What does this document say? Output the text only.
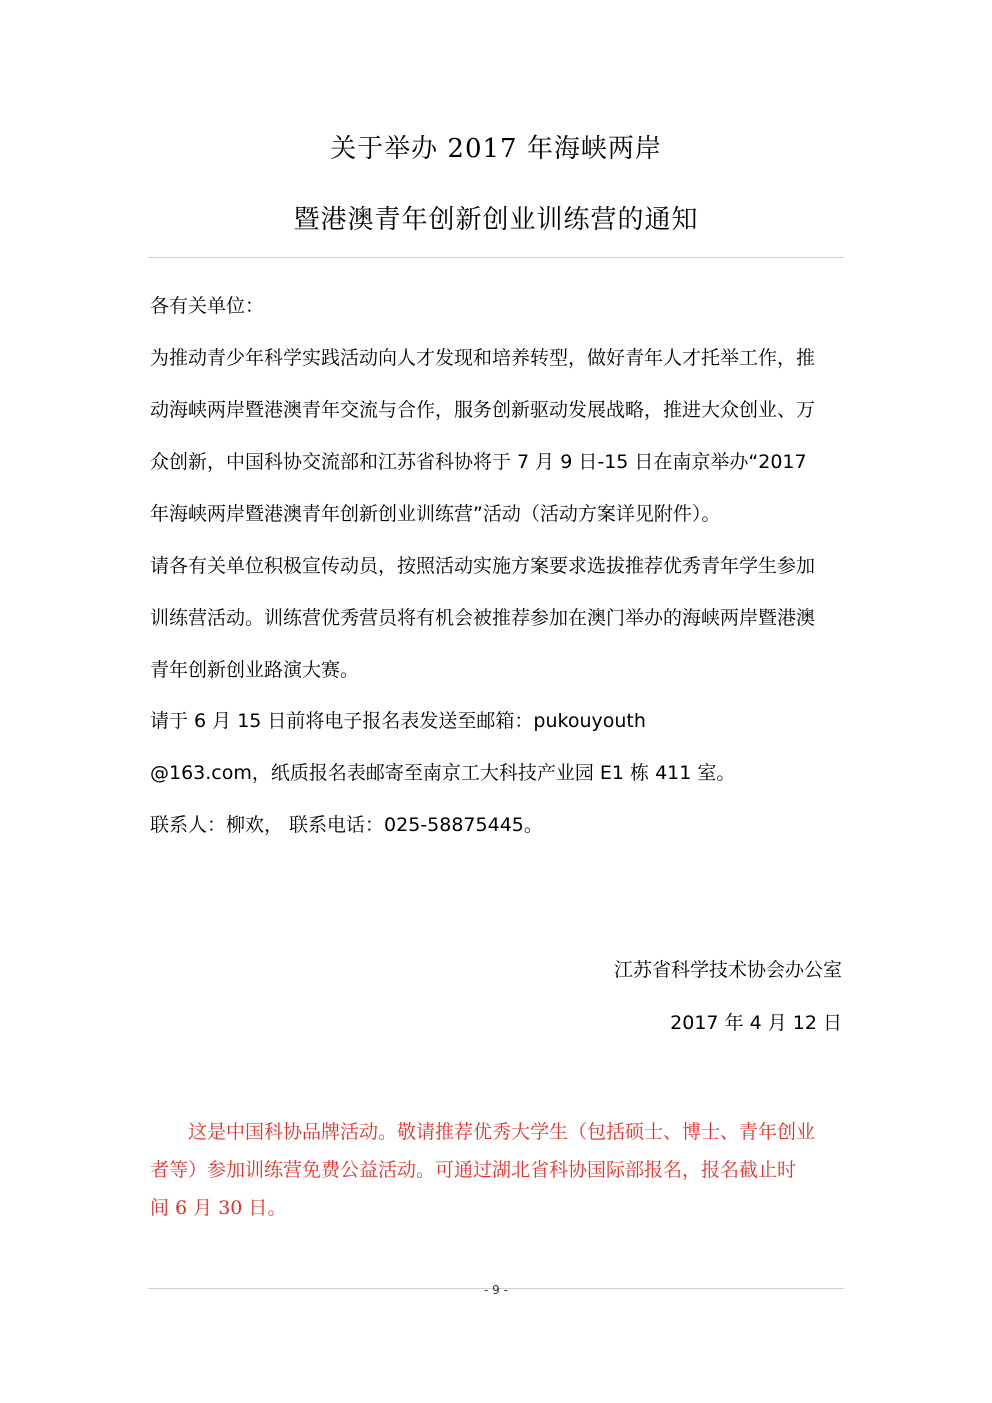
关于举办 2017 年海峡两岸
暨港澳青年创新创业训练营的通知
各有关单位：
为推动青少年科学实践活动向人才发现和培养转型，做好青年人才托举工作，推
动海峡两岸暨港澳青年交流与合作，服务创新驱动发展战略，推进大众创业、万
众创新，中国科协交流部和江苏省科协将于 7 月 9 日-15 日在南京举办“2017
年海峡两岸暨港澳青年创新创业训练营”活动（活动方案详见附件）。
请各有关单位积极宣传动员，按照活动实施方案要求选拔推荐优秀青年学生参加
训练营活动。训练营优秀营员将有机会被推荐参加在澳门举办的海峡两岸暨港澳
青年创新创业路演大赛。
请于 6 月 15 日前将电子报名表发送至邮箱：pukouyouth
@163.com，纸质报名表邮寄至南京工大科技产业园 E1 栋 411 室。
联系人：柳欢， 联系电话：025-58875445。
江苏省科学技术协会办公室
2017 年 4 月 12 日
这是中国科协品牌活动。敬请推荐优秀大学生（包括硕士、博士、青年创业
者等）参加训练营免费公益活动。可通过湖北省科协国际部报名，报名截止时
间 6 月 30 日。
- 9 -
